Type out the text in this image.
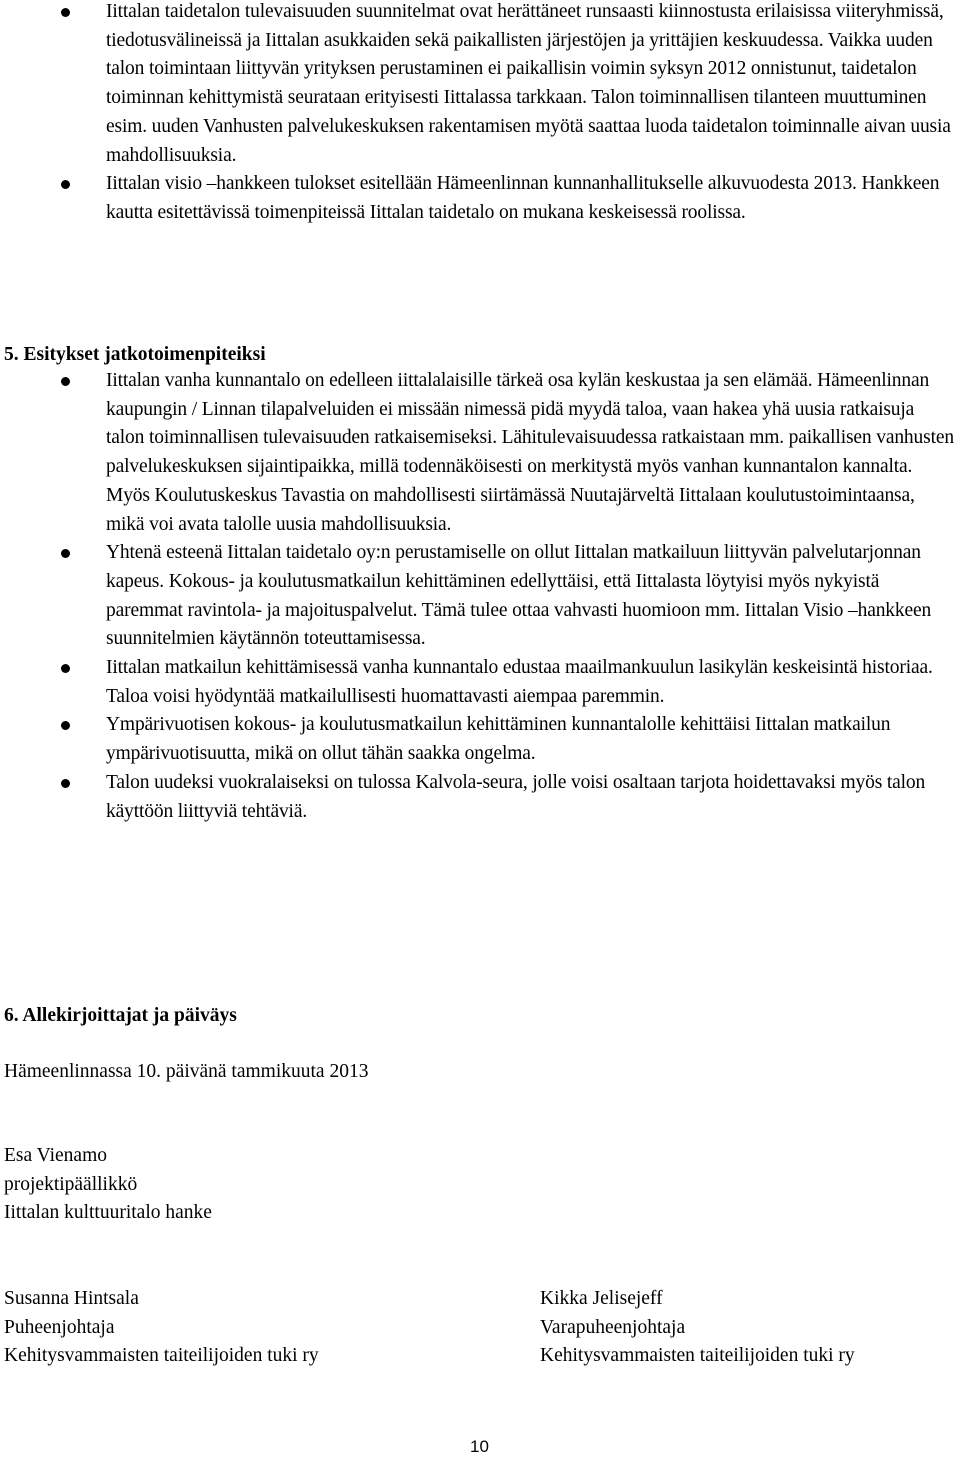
Iittalan taidetalon tulevaisuuden suunnitelmat ovat herättäneet runsaasti kiinnostusta erilaisissa viiteryhmissä, tiedotusvälineissä ja Iittalan asukkaiden sekä paikallisten järjestöjen ja yrittäjien keskuudessa. Vaikka uuden talon toimintaan liittyvän yrityksen perustaminen ei paikallisin voimin syksyn 2012 onnistunut, taidetalon toiminnan kehittymistä seurataan erityisesti Iittalassa tarkkaan. Talon toiminnallisen tilanteen muuttuminen esim. uuden Vanhusten palvelukeskuksen rakentamisen myötä saattaa luoda taidetalon toiminnalle aivan uusia mahdollisuuksia.
Iittalan visio –hankkeen tulokset esitellään Hämeenlinnan kunnanhallitukselle alkuvuodesta 2013. Hankkeen kautta esitettävissä toimenpiteissä Iittalan taidetalo on mukana keskeisessä roolissa.
5. Esitykset jatkotoimenpiteiksi
Iittalan vanha kunnantalo on edelleen iittalalaisille tärkeä osa kylän keskustaa ja sen elämää. Hämeenlinnan kaupungin / Linnan tilapalveluiden ei missään nimessä pidä myydä taloa, vaan hakea yhä uusia ratkaisuja talon toiminnallisen tulevaisuuden ratkaisemiseksi. Lähitulevaisuudessa ratkaistaan mm. paikallisen vanhusten palvelukeskuksen sijaintipaikka, millä todennäköisesti on merkitystä myös vanhan kunnantalon kannalta. Myös Koulutuskeskus Tavastia on mahdollisesti siirtämässä Nuutajärveltä Iittalaan koulutustoimintaansa, mikä voi avata talolle uusia mahdollisuuksia.
Yhtenä esteenä Iittalan taidetalo oy:n perustamiselle on ollut Iittalan matkailuun liittyvän palvelutarjonnan kapeus. Kokous- ja koulutusmatkailun kehittäminen edellyttäisi, että Iittalasta löytyisi myös nykyistä paremmat ravintola- ja majoituspalvelut. Tämä tulee ottaa vahvasti huomioon mm. Iittalan Visio –hankkeen suunnitelmien käytännön toteuttamisessa.
Iittalan matkailun kehittämisessä vanha kunnantalo edustaa maailmankuulun lasikylän keskeisintä historiaa. Taloa voisi hyödyntää matkailullisesti huomattavasti aiempaa paremmin.
Ympärivuotisen kokous- ja koulutusmatkailun kehittäminen kunnantalolle kehittäisi Iittalan matkailun ympärivuotisuutta, mikä on ollut tähän saakka ongelma.
Talon uudeksi vuokralaiseksi on tulossa Kalvola-seura, jolle voisi osaltaan tarjota hoidettavaksi myös talon käyttöön liittyviä tehtäviä.
6. Allekirjoittajat ja päiväys
Hämeenlinnassa 10. päivänä tammikuuta 2013
Esa Vienamo
projektipäällikkö
Iittalan kulttuuritalo hanke
Susanna Hintsala
Puheenjohtaja
Kehitysvammaisten taiteilijoiden tuki ry
Kikka Jelisejeff
Varapuheenjohtaja
Kehitysvammaisten taiteilijoiden tuki ry
10
